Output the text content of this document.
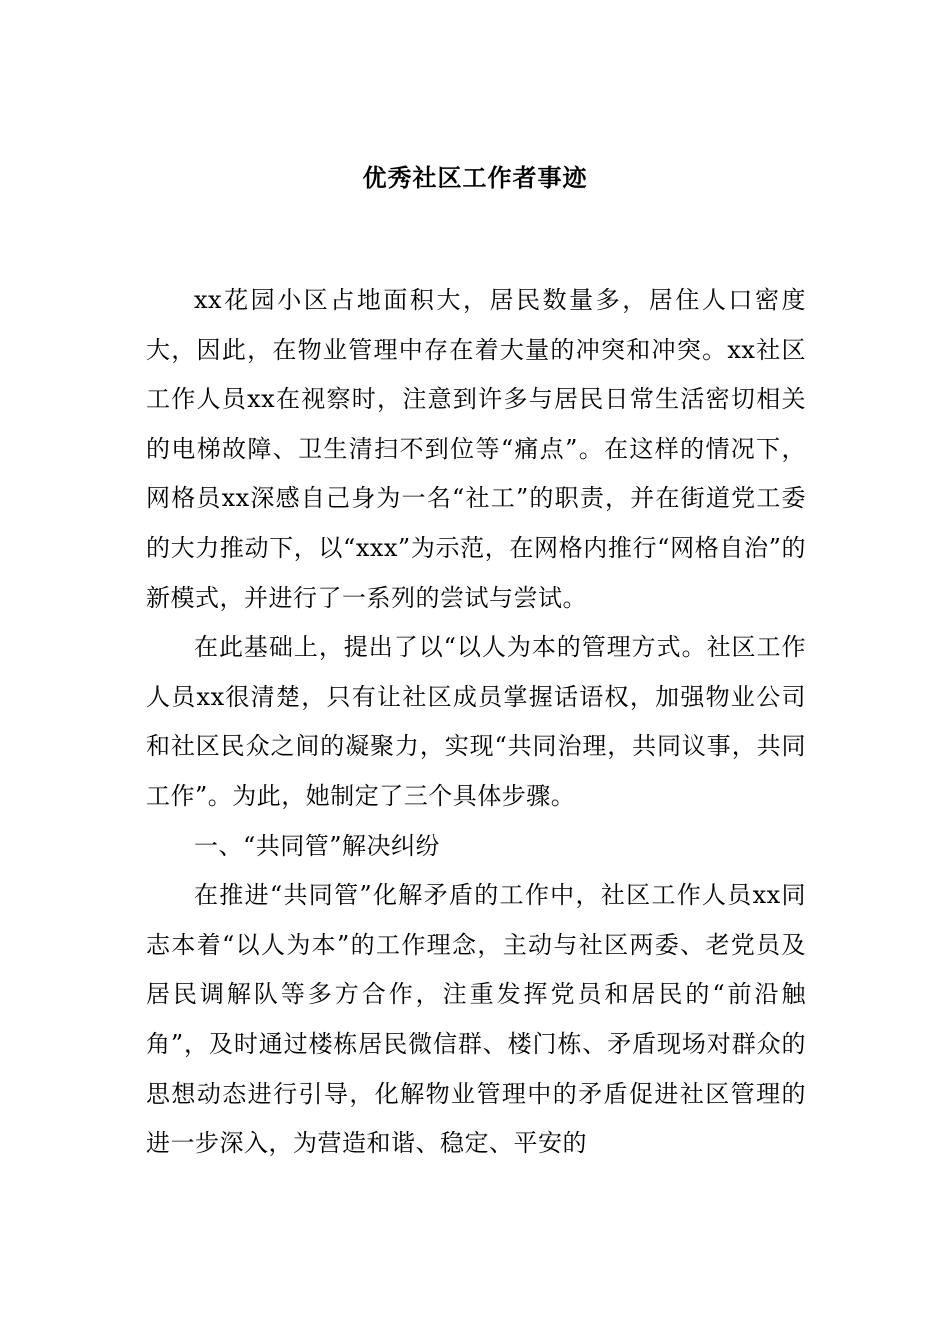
优秀社区工作者事迹

xx花园小区占地面积大，居民数量多，居住人口密度大，因此，在物业管理中存在着大量的冲突和冲突。xx社区工作人员xx在视察时，注意到许多与居民日常生活密切相关的电梯故障、卫生清扫不到位等“痛点”。在这样的情况下，网格员xx深感自己身为一名“社工”的职责，并在街道党工委的大力推动下，以“xxx”为示范，在网格内推行“网格自治”的新模式，并进行了一系列的尝试与尝试。

在此基础上，提出了以“以人为本的管理方式。社区工作人员xx很清楚，只有让社区成员掌握话语权，加强物业公司和社区民众之间的凝聚力，实现“共同治理，共同议事，共同工作”。为此，她制定了三个具体步骤。

一、“共同管”解决纠纷

在推进“共同管”化解矛盾的工作中，社区工作人员xx同志本着“以人为本”的工作理念，主动与社区两委、老党员及居民调解队等多方合作，注重发挥党员和居民的“前沿触角”，及时通过楼栋居民微信群、楼门栋、矛盾现场对群众的思想动态进行引导，化解物业管理中的矛盾促进社区管理的进一步深入，为营造和谐、稳定、平安的
